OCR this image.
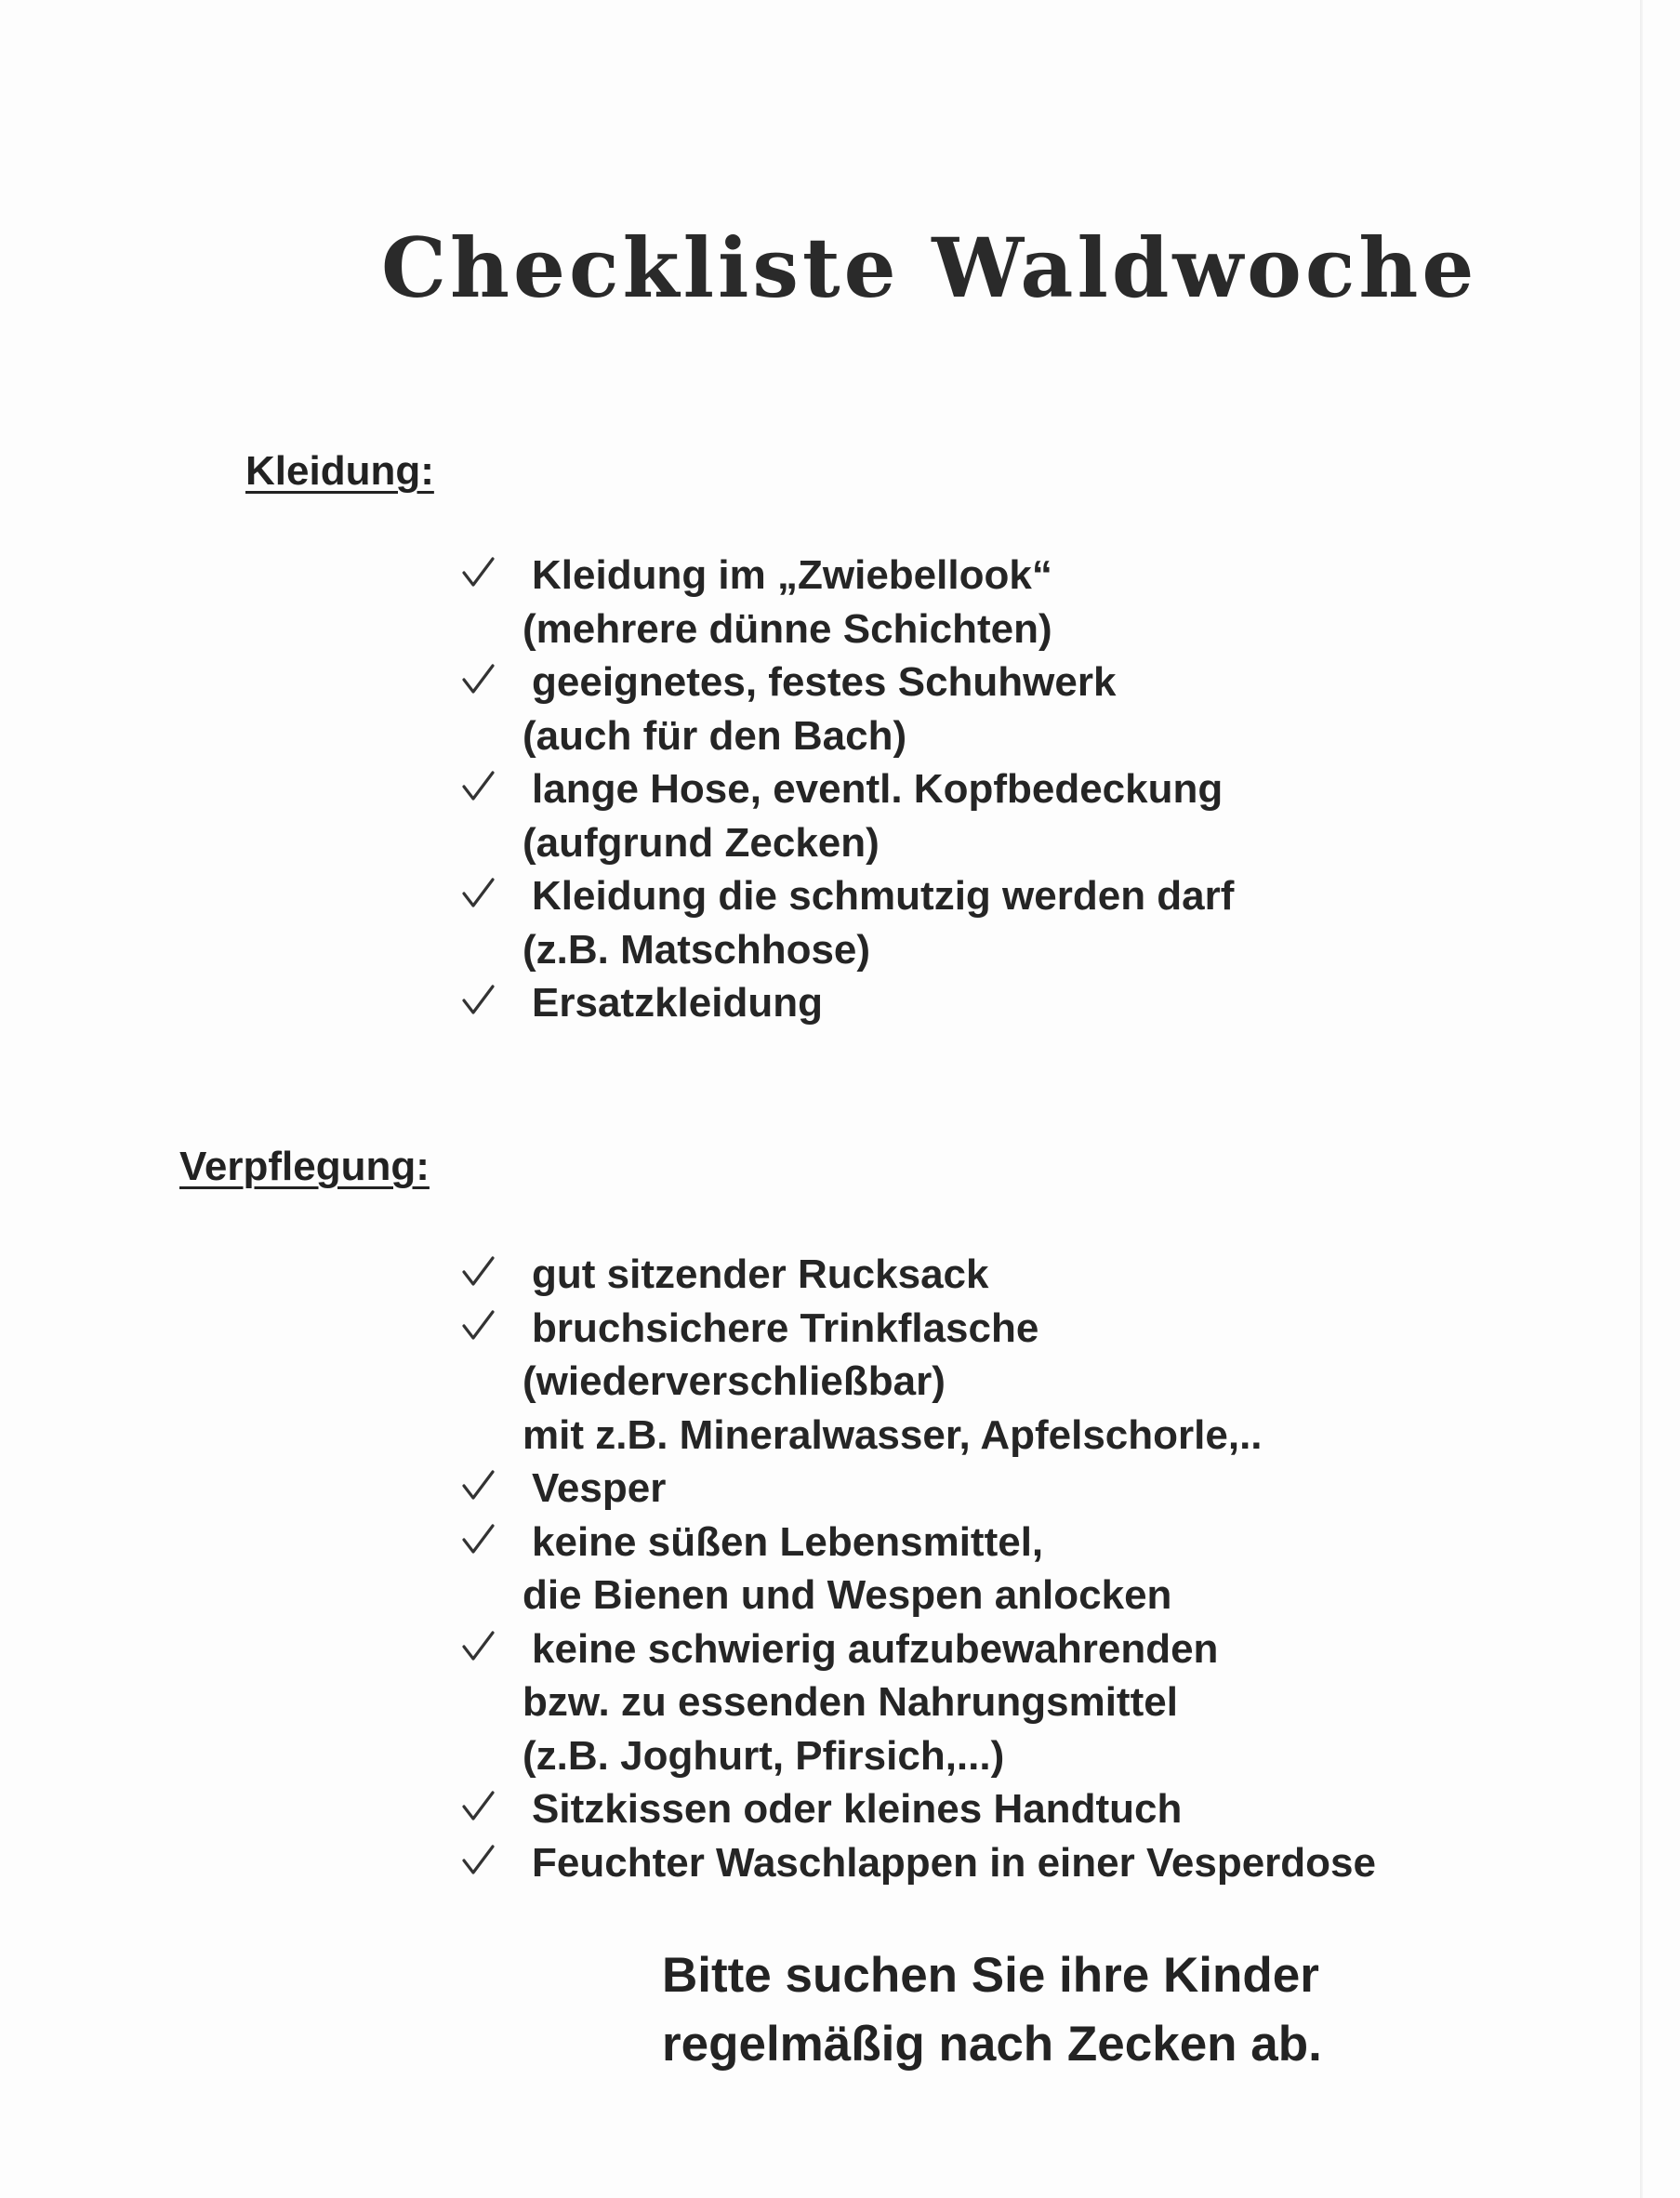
Checkliste Waldwoche
Kleidung:
Kleidung im „Zwiebellook“
(mehrere dünne Schichten)
geeignetes, festes Schuhwerk
(auch für den Bach)
lange Hose, eventl. Kopfbedeckung
(aufgrund Zecken)
Kleidung die schmutzig werden darf
(z.B. Matschhose)
Ersatzkleidung
Verpflegung:
gut sitzender Rucksack
bruchsichere Trinkflasche
(wiederverschließbar)
mit z.B. Mineralwasser, Apfelschorle,..
Vesper
keine süßen Lebensmittel,
die Bienen und Wespen anlocken
keine schwierig aufzubewahrenden
bzw. zu essenden Nahrungsmittel
(z.B. Joghurt, Pfirsich,...)
Sitzkissen oder kleines Handtuch
Feuchter Waschlappen in einer Vesperdose
Bitte suchen Sie ihre Kinder
regelmäßig nach Zecken ab.
